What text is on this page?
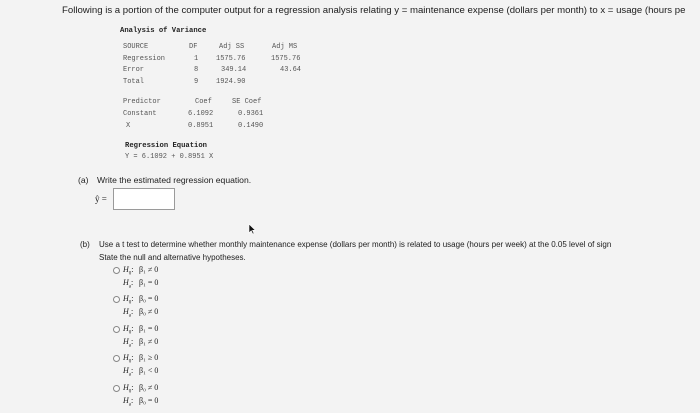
Following is a portion of the computer output for a regression analysis relating y = maintenance expense (dollars per month) to x = usage (hours pe
Analysis of Variance
SOURCE	DF	Adj SS	Adj MS
Regression	1	1575.76	1575.76
Error	8	349.14	43.64
Total	9	1924.90
Predictor	Coef	SE Coef
Constant	6.1092	0.9361
X	0.8951	0.1490
Regression Equation
Y = 6.1092 + 0.8951 X
(a) Write the estimated regression equation.
ŷ =
(b) Use a t test to determine whether monthly maintenance expense (dollars per month) is related to usage (hours per week) at the 0.05 level of sign
State the null and alternative hypotheses.
$H_0$: β₁ ≠ 0
$H_a$: β₁ = 0
$H_0$: β₀ = 0
$H_a$: β₀ ≠ 0
$H_0$: β₁ = 0
$H_a$: β₁ ≠ 0
$H_0$: β₁ ≥ 0
$H_a$: β₁ < 0
$H_0$: β₀ ≠ 0
$H_a$: β₀ = 0
